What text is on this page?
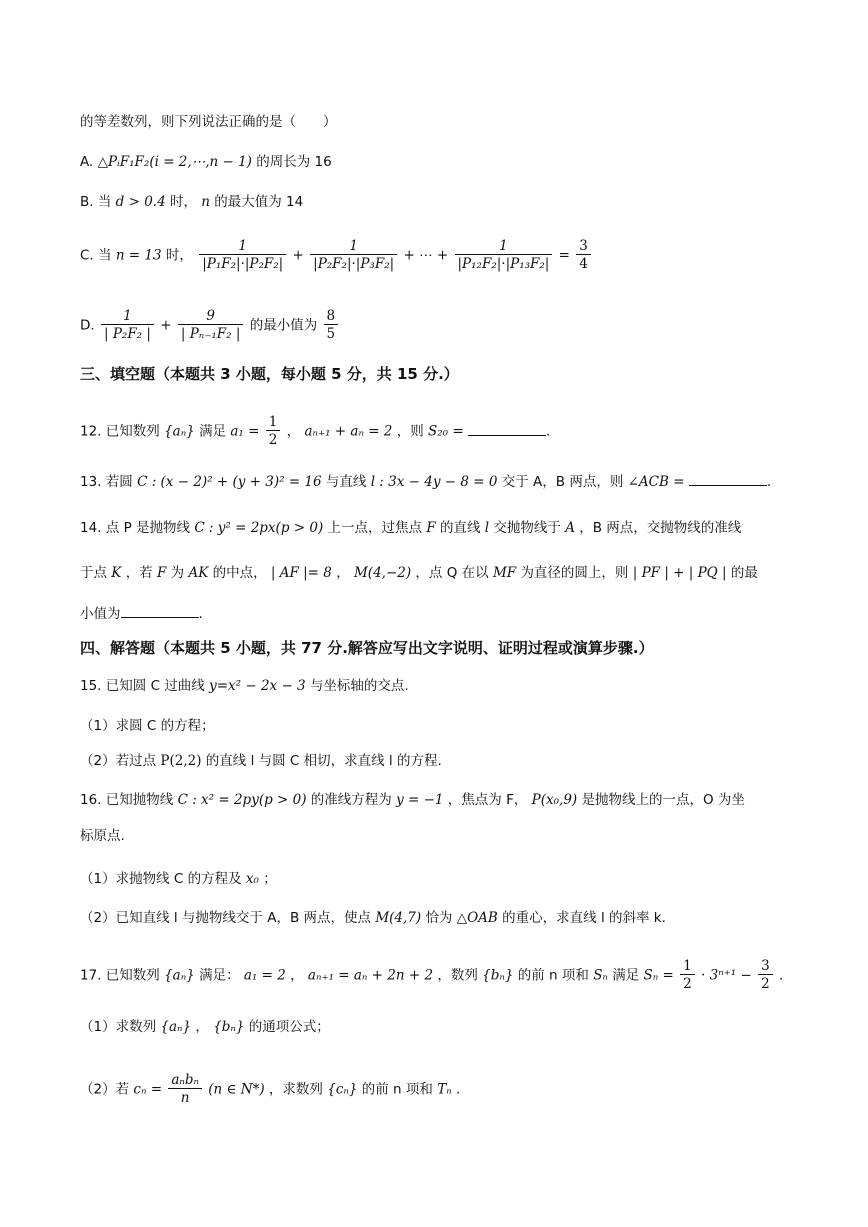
的等差数列，则下列说法正确的是（　　）
A. △PᵢF₁F₂(i = 2,⋯,n − 1) 的周长为 16
B. 当 d > 0.4 时， n 的最大值为 14
C. 当 n = 13 时， $\frac{1}{\text{|P₁F₂|·|P₂F₂|}} + \frac{1}{\text{|P₂F₂|·|P₃F₂|}}$ + ⋯ + $\frac{1}{\text{|P₁₂F₂|·|P₁₃F₂|}} = \frac{3}{4}$
D. $\frac{1}{\text{| P₂F₂ |}} + \frac{9}{\text{| Pₙ₋₁F₂ |}}$ 的最小值为 $\frac{8}{5}$
三、填空题（本题共 3 小题，每小题 5 分，共 15 分.）
12. 已知数列 {aₙ} 满足 $a_1 = \frac{1}{2}$ ， aₙ₊₁ + aₙ = 2 ，则 S₂₀ =	.
13. 若圆 C : (x − 2)² + (y + 3)² = 16 与直线 l : 3x − 4y − 8 = 0 交于 A，B 两点，则 ∠ACB =	.
14. 点 P 是抛物线 C : y² = 2px(p > 0) 上一点，过焦点 F 的直线 l 交抛物线于 A ，B 两点，交抛物线的准线
于点 K ，若 F 为 AK 的中点， | AF |= 8 ， M(4,−2) ，点 Q 在以 MF 为直径的圆上，则 | PF | + | PQ | 的最
小值为	.
四、解答题（本题共 5 小题，共 77 分.解答应写出文字说明、证明过程或演算步骤.）
15. 已知圆 C 过曲线 y=x² − 2x − 3 与坐标轴的交点.
（1）求圆 C 的方程；
（2）若过点 P(2,2) 的直线 l 与圆 C 相切，求直线 l 的方程.
16. 已知抛物线 C : x² = 2py(p > 0) 的准线方程为 y = −1 ，焦点为 F， P(x₀,9) 是抛物线上的一点，O 为坐
标原点.
（1）求抛物线 C 的方程及 x₀ ；
（2）已知直线 l 与抛物线交于 A，B 两点，使点 M(4,7) 恰为 △OAB 的重心，求直线 l 的斜率 k.
17. 已知数列 {aₙ} 满足： a₁ = 2 ， aₙ₊₁ = aₙ + 2n + 2 ，数列 {bₙ} 的前 n 项和 Sₙ 满足 $S_n = \frac{1}{2} \cdot 3^{n+1} - \frac{3}{2}$ .
（1）求数列 {aₙ} ， {bₙ} 的通项公式；
（2）若 $c_n = \frac{\text{aₙbₙ}}{n} (n$ ∈ N*) ，求数列 {cₙ} 的前 n 项和 Tₙ .
